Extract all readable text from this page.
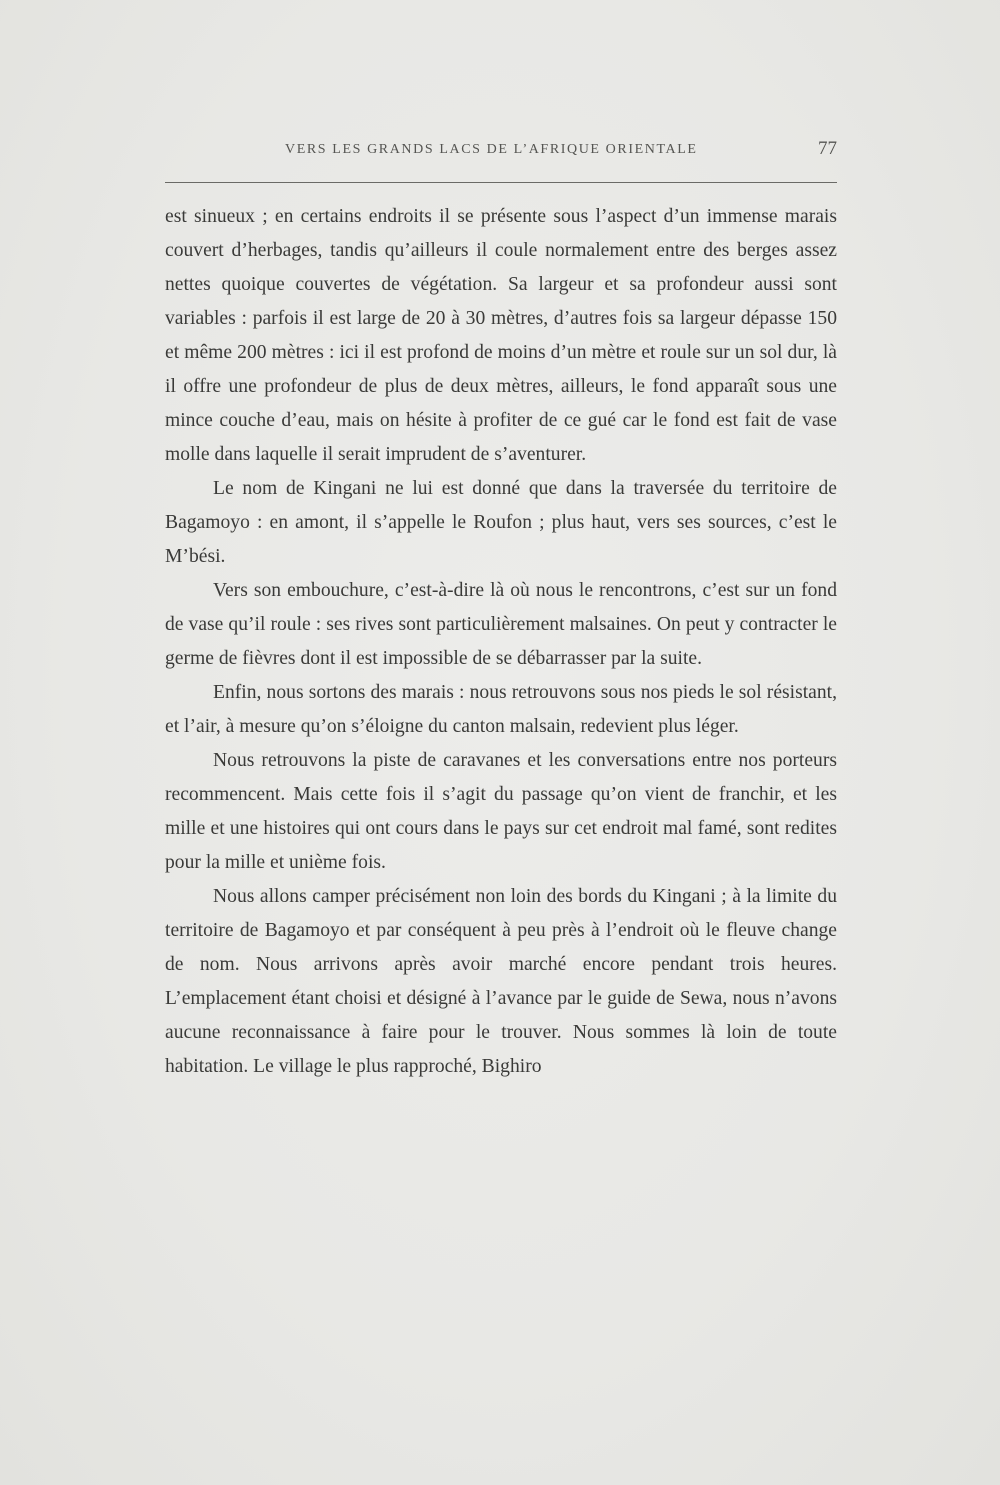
VERS LES GRANDS LACS DE L’AFRIQUE ORIENTALE	77

est sinueux ; en certains endroits il se présente sous l’aspect d’un immense marais couvert d’herbages, tandis qu’ailleurs il coule normalement entre des berges assez nettes quoique couvertes de végétation. Sa largeur et sa profondeur aussi sont variables : parfois il est large de 20 à 30 mètres, d’autres fois sa largeur dépasse 150 et même 200 mètres : ici il est profond de moins d’un mètre et roule sur un sol dur, là il offre une profondeur de plus de deux mètres, ailleurs, le fond apparaît sous une mince couche d’eau, mais on hésite à profiter de ce gué car le fond est fait de vase molle dans laquelle il serait imprudent de s’aventurer.

Le nom de Kingani ne lui est donné que dans la traversée du territoire de Bagamoyo : en amont, il s’appelle le Roufon ; plus haut, vers ses sources, c’est le M’bési.

Vers son embouchure, c’est-à-dire là où nous le rencontrons, c’est sur un fond de vase qu’il roule : ses rives sont particulièrement malsaines. On peut y contracter le germe de fièvres dont il est impossible de se débarrasser par la suite.

Enfin, nous sortons des marais : nous retrouvons sous nos pieds le sol résistant, et l’air, à mesure qu’on s’éloigne du canton malsain, redevient plus léger.

Nous retrouvons la piste de caravanes et les conversations entre nos porteurs recommencent. Mais cette fois il s’agit du passage qu’on vient de franchir, et les mille et une histoires qui ont cours dans le pays sur cet endroit mal famé, sont redites pour la mille et unième fois.

Nous allons camper précisément non loin des bords du Kingani ; à la limite du territoire de Bagamoyo et par conséquent à peu près à l’endroit où le fleuve change de nom. Nous arrivons après avoir marché encore pendant trois heures. L’emplacement étant choisi et désigné à l’avance par le guide de Sewa, nous n’avons aucune reconnaissance à faire pour le trouver. Nous sommes là loin de toute habitation. Le village le plus rapproché, Bighiro
